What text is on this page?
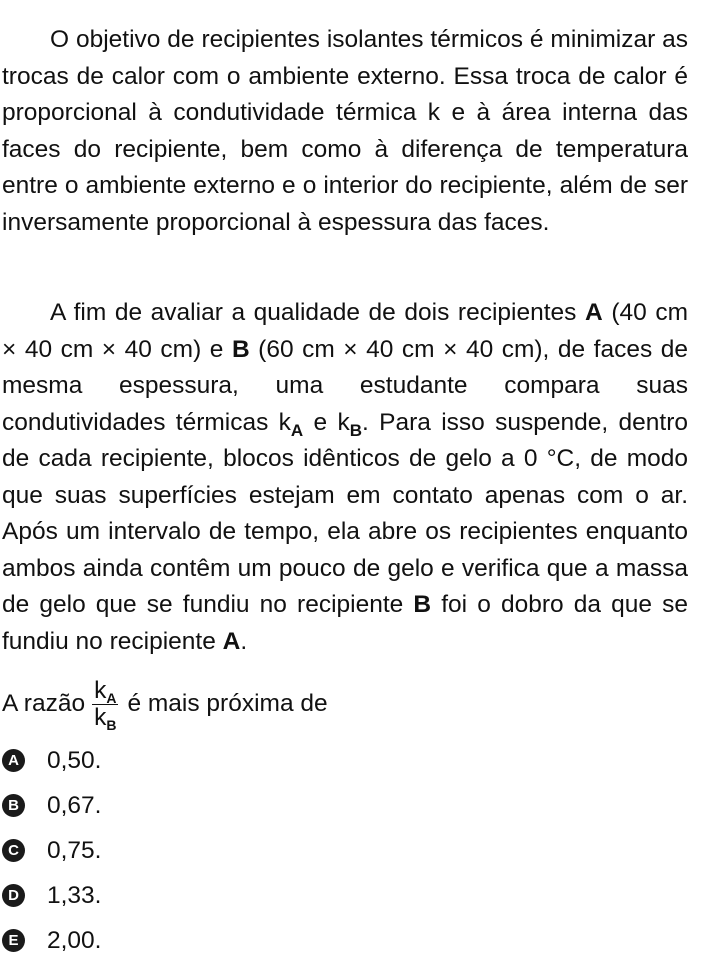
O objetivo de recipientes isolantes térmicos é minimizar as trocas de calor com o ambiente externo. Essa troca de calor é proporcional à condutividade térmica k e à área interna das faces do recipiente, bem como à diferença de temperatura entre o ambiente externo e o interior do recipiente, além de ser inversamente proporcional à espessura das faces.

A fim de avaliar a qualidade de dois recipientes A (40 cm × 40 cm × 40 cm) e B (60 cm × 40 cm × 40 cm), de faces de mesma espessura, uma estudante compara suas condutividades térmicas $k_A$ e $k_B$. Para isso suspende, dentro de cada recipiente, blocos idênticos de gelo a 0 °C, de modo que suas superfícies estejam em contato apenas com o ar. Após um intervalo de tempo, ela abre os recipientes enquanto ambos ainda contêm um pouco de gelo e verifica que a massa de gelo que se fundiu no recipiente B foi o dobro da que se fundiu no recipiente A.

A razão $\frac{k_A}{k_B}$ é mais próxima de
A 0,50.
B 0,67.
C 0,75.
D 1,33.
E 2,00.
